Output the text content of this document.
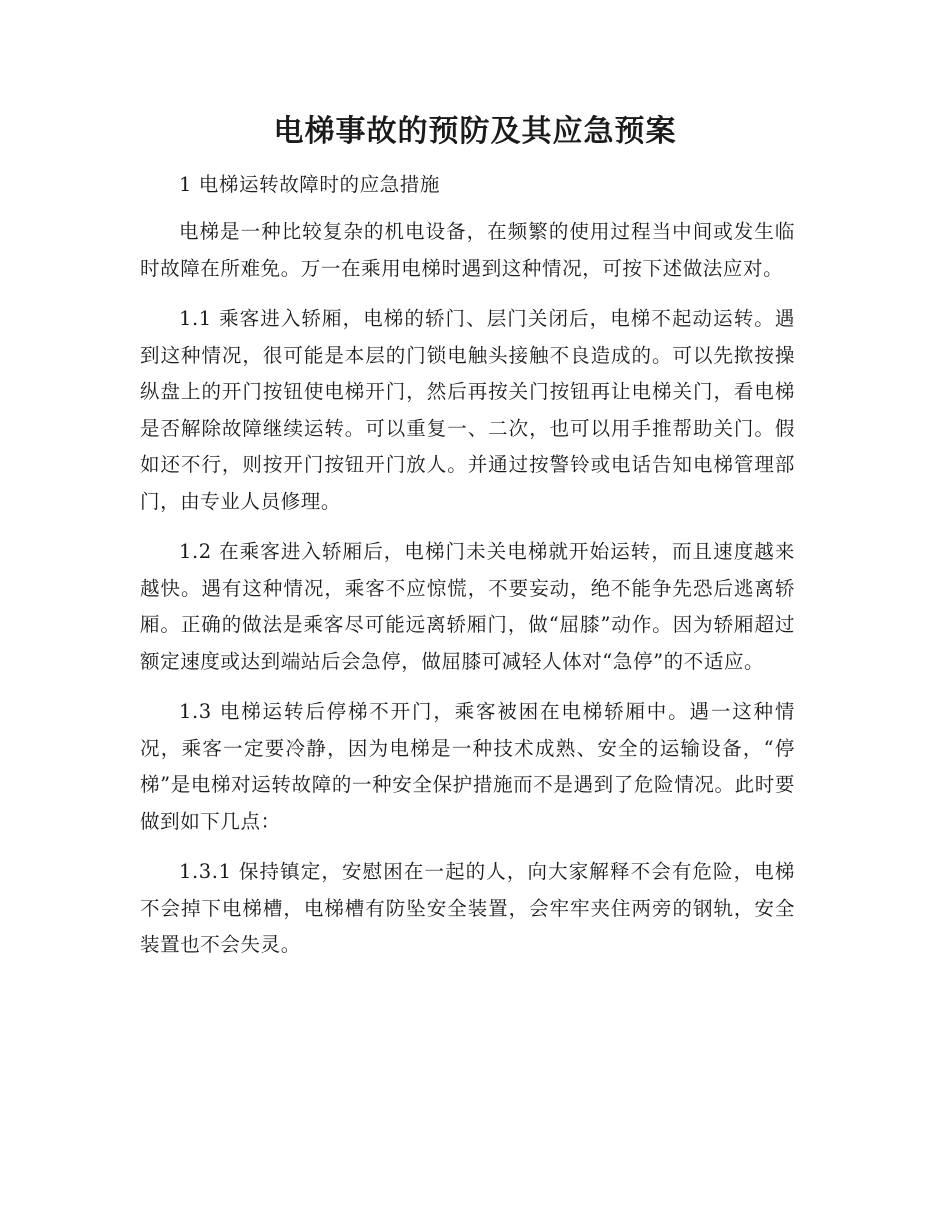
电梯事故的预防及其应急预案

1 电梯运转故障时的应急措施

电梯是一种比较复杂的机电设备，在频繁的使用过程当中间或发生临时故障在所难免。万一在乘用电梯时遇到这种情况，可按下述做法应对。

1.1 乘客进入轿厢，电梯的轿门、层门关闭后，电梯不起动运转。遇到这种情况，很可能是本层的门锁电触头接触不良造成的。可以先揿按操纵盘上的开门按钮使电梯开门，然后再按关门按钮再让电梯关门，看电梯是否解除故障继续运转。可以重复一、二次，也可以用手推帮助关门。假如还不行，则按开门按钮开门放人。并通过按警铃或电话告知电梯管理部门，由专业人员修理。

1.2 在乘客进入轿厢后，电梯门未关电梯就开始运转，而且速度越来越快。遇有这种情况，乘客不应惊慌，不要妄动，绝不能争先恐后逃离轿厢。正确的做法是乘客尽可能远离轿厢门，做“屈膝”动作。因为轿厢超过额定速度或达到端站后会急停，做屈膝可减轻人体对“急停”的不适应。

1.3 电梯运转后停梯不开门，乘客被困在电梯轿厢中。遇一这种情况，乘客一定要冷静，因为电梯是一种技术成熟、安全的运输设备，“停梯”是电梯对运转故障的一种安全保护措施而不是遇到了危险情况。此时要做到如下几点：

1.3.1 保持镇定，安慰困在一起的人，向大家解释不会有危险，电梯不会掉下电梯槽，电梯槽有防坠安全装置，会牢牢夹住两旁的钢轨，安全装置也不会失灵。
